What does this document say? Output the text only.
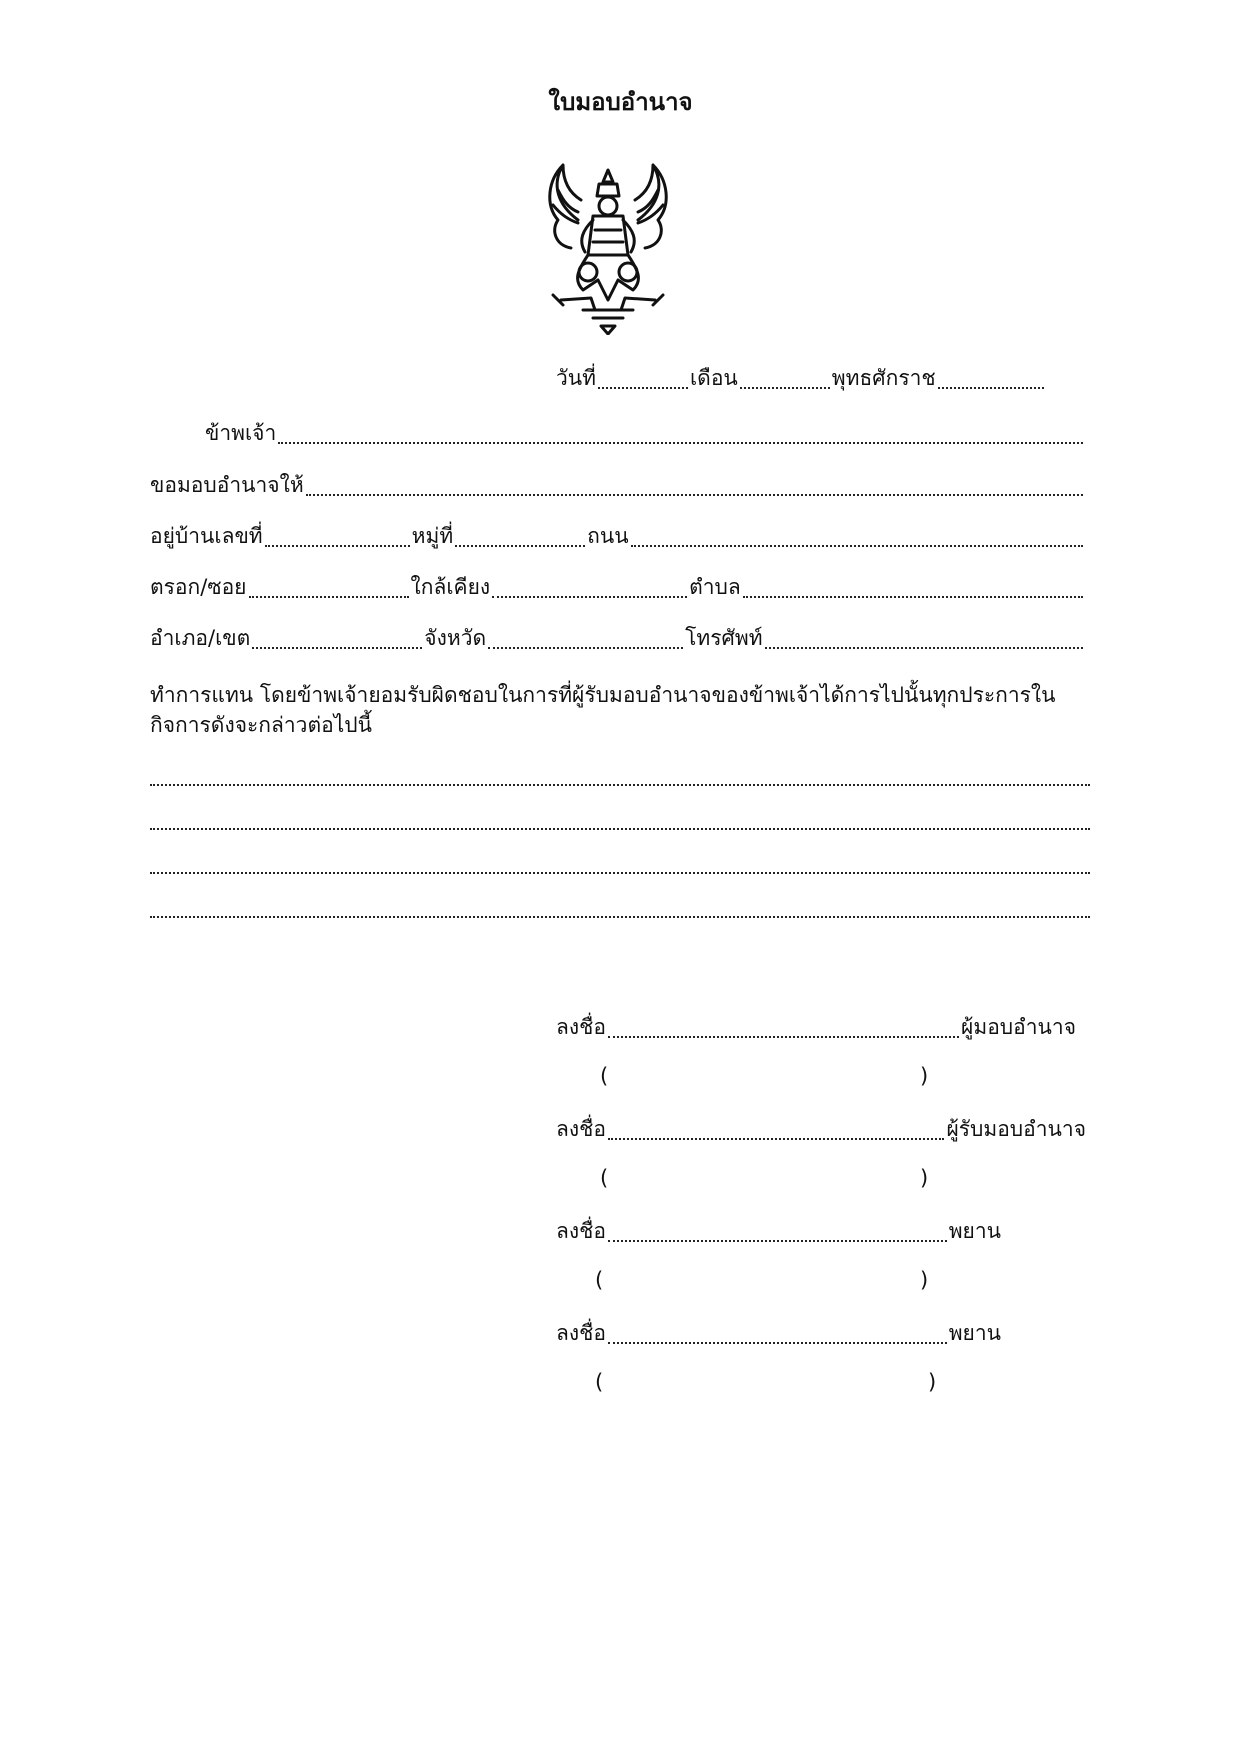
ใบมอบอำนาจ
วันที่	เดือน	พุทธศักราช
ข้าพเจ้า
ขอมอบอำนาจให้
อยู่บ้านเลขที่	หมู่ที่	ถนน
ตรอก/ซอย	ใกล้เคียง	ตำบล
อำเภอ/เขต	จังหวัด	โทรศัพท์
ทำการแทน โดยข้าพเจ้ายอมรับผิดชอบในการที่ผู้รับมอบอำนาจของข้าพเจ้าได้การไปนั้นทุกประการในกิจการดังจะกล่าวต่อไปนี้
ลงชื่อ	ผู้มอบอำนาจ
(	)
ลงชื่อ	ผู้รับมอบอำนาจ
(	)
ลงชื่อ	พยาน
(	)
ลงชื่อ	พยาน
(	)
